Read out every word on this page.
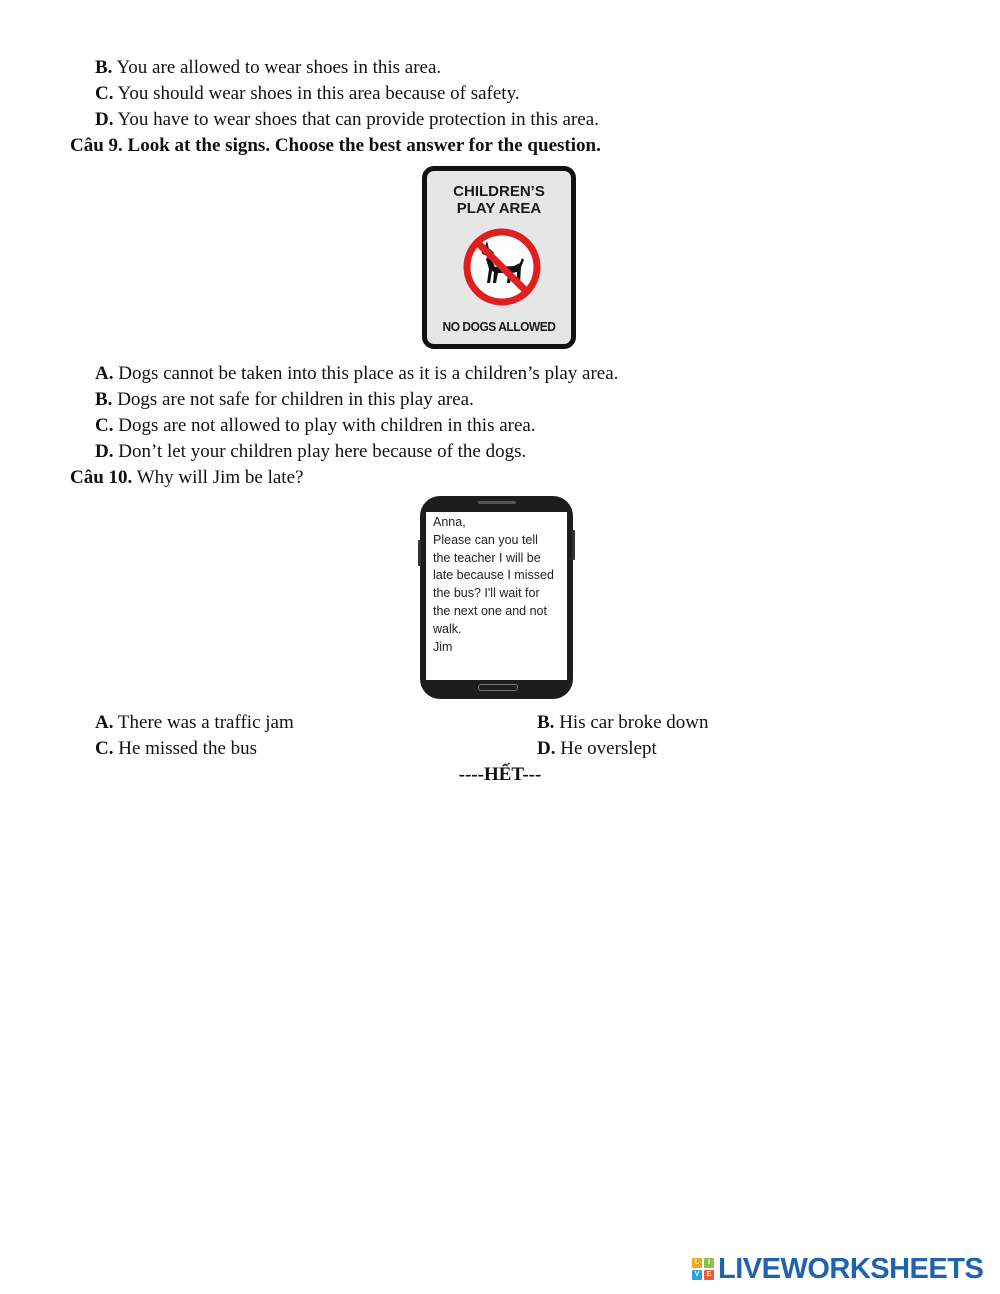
B. You are allowed to wear shoes in this area.
C. You should wear shoes in this area because of safety.
D. You have to wear shoes that can provide protection in this area.
Câu 9. Look at the signs. Choose the best answer for the question.
CHILDREN’S
PLAY AREA
NO DOGS ALLOWED
A. Dogs cannot be taken into this place as it is a children’s play area.
B. Dogs are not safe for children in this play area.
C. Dogs are not allowed to play with children in this area.
D. Don’t let your children play here because of the dogs.
Câu 10. Why will Jim be late?
Anna,
Please can you tell
the teacher I will be
late because I missed
the bus? I'll wait for
the next one and not
walk.
Jim
A. There was a traffic jam	B. His car broke down
C. He missed the bus	D. He overslept
----HẾT---
L	I
V	E LIVEWORKSHEETS
